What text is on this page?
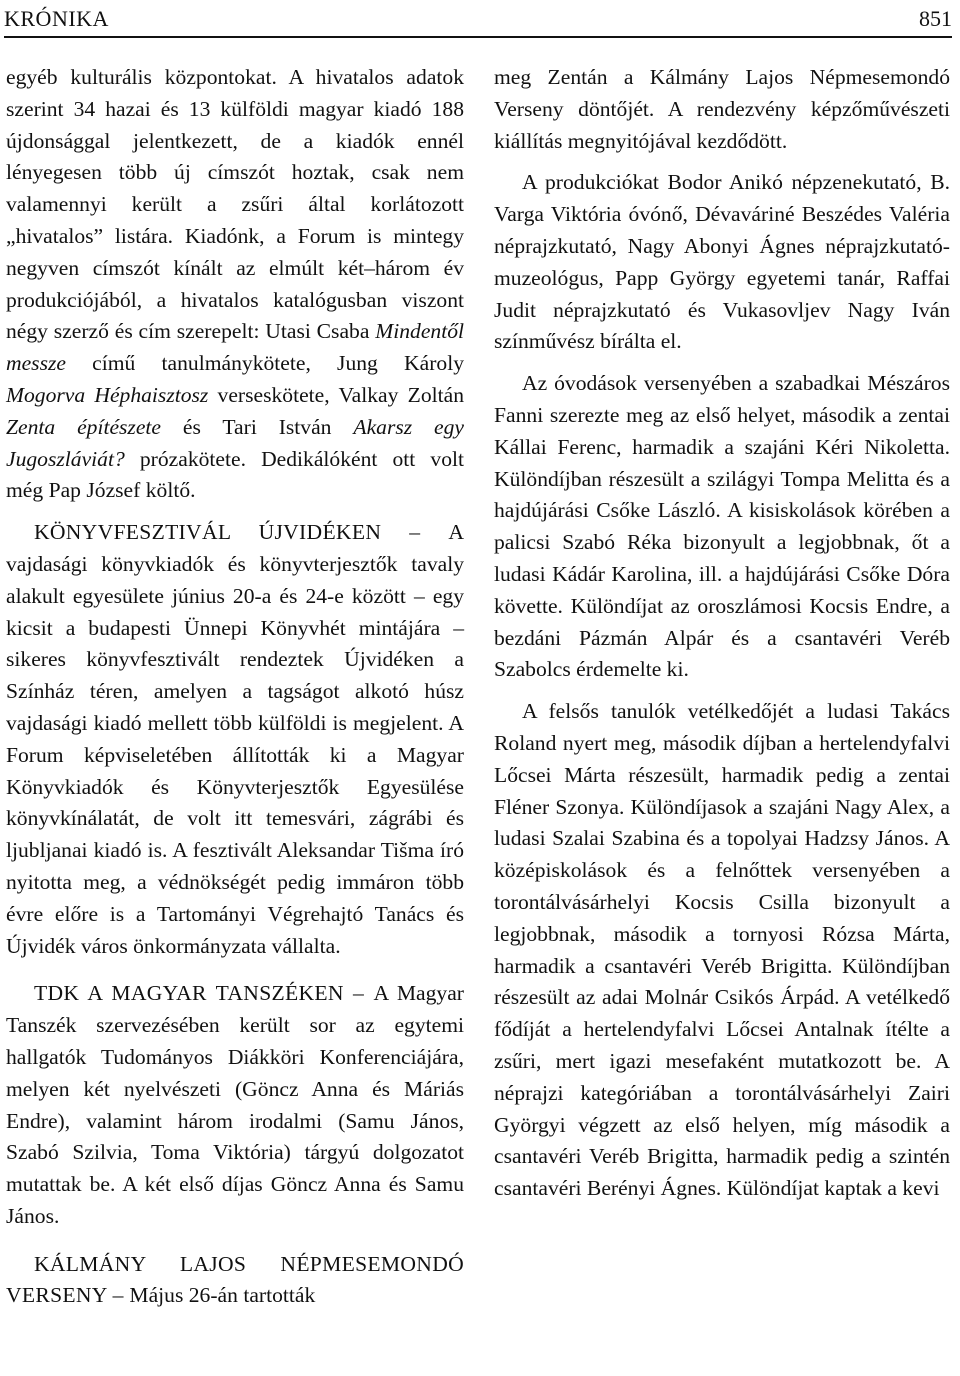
KRÓNIKA	851

egyéb kulturális központokat. A hivatalos adatok szerint 34 hazai és 13 külföldi magyar kiadó 188 újdonsággal jelentkezett, de a kiadók ennél lényegesen több új címszót hoztak, csak nem valamennyi került a zsűri által korlátozott „hivatalos” listára. Kiadónk, a Forum is mintegy negyven címszót kínált az elmúlt két–három év produkciójából, a hivatalos katalógusban viszont négy szerző és cím szerepelt: Utasi Csaba Mindentől messze című tanulmánykötete, Jung Károly Mogorva Héphaisztosz verseskötete, Valkay Zoltán Zenta építészete és Tari István Akarsz egy Jugoszláviát? prózakötete. Dedikálóként ott volt még Pap József költő.

KÖNYVFESZTIVÁL ÚJVIDÉKEN – A vajdasági könyvkiadók és könyvterjesztők tavaly alakult egyesülete június 20-a és 24-e között – egy kicsit a budapesti Ünnepi Könyvhét mintájára – sikeres könyvfesztivált rendeztek Újvidéken a Színház téren, amelyen a tagságot alkotó húsz vajdasági kiadó mellett több külföldi is megjelent. A Forum képviseletében állították ki a Magyar Könyvkiadók és Könyvterjesztők Egyesülése könyvkínálatát, de volt itt temesvári, zágrábi és ljubljanai kiadó is. A fesztivált Aleksandar Tišma író nyitotta meg, a védnökségét pedig immáron több évre előre is a Tartományi Végrehajtó Tanács és Újvidék város önkormányzata vállalta.

TDK A MAGYAR TANSZÉKEN – A Magyar Tanszék szervezésében került sor az egytemi hallgatók Tudományos Diákköri Konferenciájára, melyen két nyelvészeti (Göncz Anna és Máriás Endre), valamint három irodalmi (Samu János, Szabó Szilvia, Toma Viktória) tárgyú dolgozatot mutattak be. A két első díjas Göncz Anna és Samu János.

KÁLMÁNY LAJOS NÉPMESEMONDÓ VERSENY – Május 26-án tartották

meg Zentán a Kálmány Lajos Népmesemondó Verseny döntőjét. A rendezvény képzőművészeti kiállítás megnyitójával kezdődött.

A produkciókat Bodor Anikó népzenekutató, B. Varga Viktória óvónő, Dévaváriné Beszédes Valéria néprajzkutató, Nagy Abonyi Ágnes néprajzkutató-muzeológus, Papp György egyetemi tanár, Raffai Judit néprajzkutató és Vukasovljev Nagy Iván színművész bírálta el.

Az óvodások versenyében a szabadkai Mészáros Fanni szerezte meg az első helyet, második a zentai Kállai Ferenc, harmadik a szajáni Kéri Nikoletta. Különdíjban részesült a szilágyi Tompa Melitta és a hajdújárási Csőke László. A kisiskolások körében a palicsi Szabó Réka bizonyult a legjobbnak, őt a ludasi Kádár Karolina, ill. a hajdújárási Csőke Dóra követte. Különdíjat az oroszlámosi Kocsis Endre, a bezdáni Pázmán Alpár és a csantavéri Veréb Szabolcs érdemelte ki.

A felsős tanulók vetélkedőjét a ludasi Takács Roland nyert meg, második díjban a hertelendyfalvi Lőcsei Márta részesült, harmadik pedig a zentai Fléner Szonya. Különdíjasok a szajáni Nagy Alex, a ludasi Szalai Szabina és a topolyai Hadzsy János. A középiskolások és a felnőttek versenyében a torontálvásárhelyi Kocsis Csilla bizonyult a legjobbnak, második a tornyosi Rózsa Márta, harmadik a csantavéri Veréb Brigitta. Különdíjban részesült az adai Molnár Csikós Árpád. A vetélkedő fődíját a hertelendyfalvi Lőcsei Antalnak ítélte a zsűri, mert igazi mesefaként mutatkozott be. A néprajzi kategóriában a torontálvásárhelyi Zairi Györgyi végzett az első helyen, míg második a csantavéri Veréb Brigitta, harmadik pedig a szintén csantavéri Berényi Ágnes. Különdíjat kaptak a kevi
